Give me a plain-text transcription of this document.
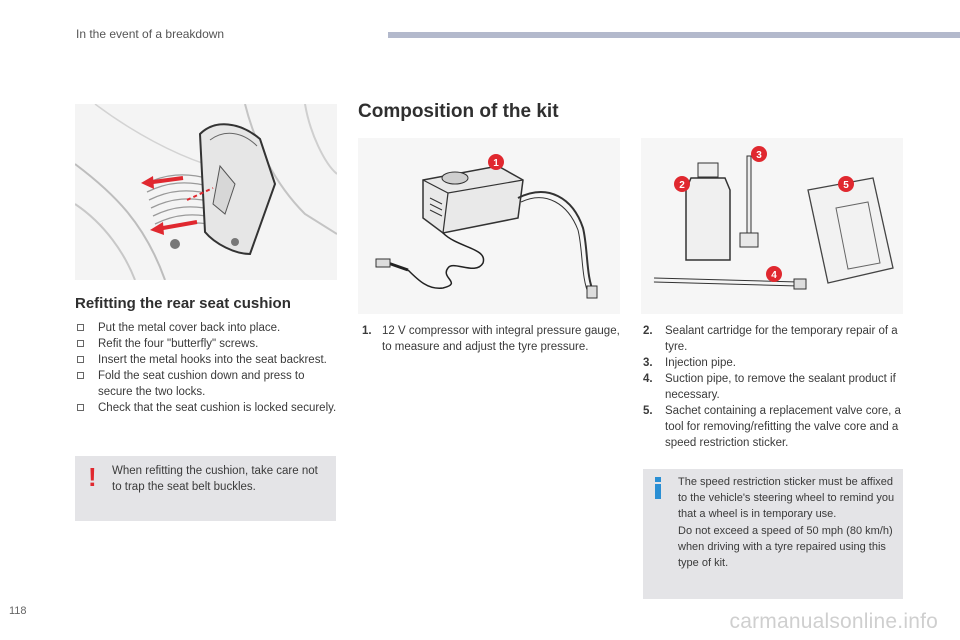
In the event of a breakdown
Refitting the rear seat cushion
Put the metal cover back into place.
Refit the four "butterfly" screws.
Insert the metal hooks into the seat backrest.
Fold the seat cushion down and press to secure the two locks.
Check that the seat cushion is locked securely.
! When refitting the cushion, take care not to trap the seat belt buckles.
Composition of the kit
1
2
3
4
5
1. 12 V compressor with integral pressure gauge, to measure and adjust the tyre pressure.
2. Sealant cartridge for the temporary repair of a tyre.
3. Injection pipe.
4. Suction pipe, to remove the sealant product if necessary.
5. Sachet containing a replacement valve core, a tool for removing/refitting the valve core and a speed restriction sticker.
The speed restriction sticker must be affixed to the vehicle's steering wheel to remind you that a wheel is in temporary use.
Do not exceed a speed of 50 mph (80 km/h) when driving with a tyre repaired using this type of kit.
118	carmanualsonline.info
